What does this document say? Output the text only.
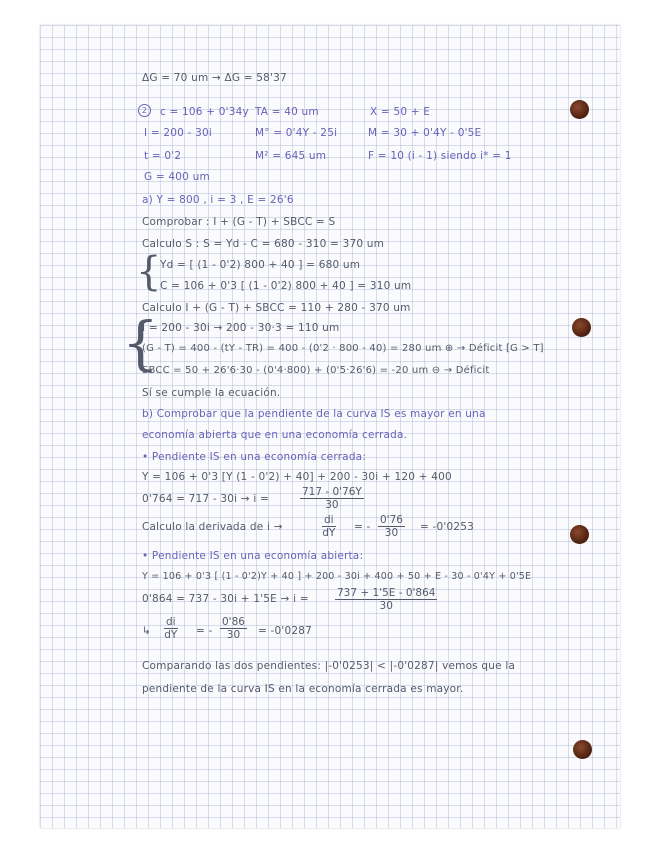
ΔG = 70 um → ΔG = 58'37
2	c = 106 + 0'34y TA = 40 um	X = 50 + E
I = 200 - 30i	M° = 0'4Y - 25i	M = 30 + 0'4Y - 0'5E
t = 0'2	M² = 645 um	F = 10 (i - 1) siendo i* = 1
G = 400 um
a) Y = 800 , i = 3 , E = 26'6
Comprobar : I + (G - T) + SBCC = S
Calculo S : S = Yd - C = 680 - 310 = 370 um
{
Yd = [ (1 - 0'2) 800 + 40 ] = 680 um
C = 106 + 0'3 [ (1 - 0'2) 800 + 40 ] = 310 um
Calculo I + (G - T) + SBCC = 110 + 280 - 370 um
{
I = 200 - 30i → 200 - 30·3 = 110 um
(G - T) = 400 - (tY - TR) = 400 - (0'2 · 800 - 40) = 280 um ⊕ → Déficit [G > T]
SBCC = 50 + 26'6·30 - (0'4·800) + (0'5·26'6) = -20 um ⊖ → Déficit
Sí se cumple la ecuación.
b) Comprobar que la pendiente de la curva IS es mayor en una
economía abierta que en una economía cerrada.
• Pendiente IS en una economía cerrada:
Y = 106 + 0'3 [Y (1 - 0'2) + 40] + 200 - 30i + 120 + 400
0'764 = 717 - 30i → i =	$\frac{717 - 0'76Y}{30}$
Calculo la derivada de i →	$\frac{di}{dY}$ = - $\frac{0'76}{30} = -0'0253$
• Pendiente IS en una economía abierta:
Y = 106 + 0'3 [ (1 - 0'2)Y + 40 ] + 200 - 30i + 400 + 50 + E - 30 - 0'4Y + 0'5E
0'864 = 737 - 30i + 1'5E → i =	$\frac{737 + 1'5E - 0'864}{30}$
↳ $\frac{di}{dY}$ = - $\frac{0'86}{30} = -0'0287$
Comparando las dos pendientes: |-0'0253| < |-0'0287| vemos que la
pendiente de la curva IS en la economía cerrada es mayor.
